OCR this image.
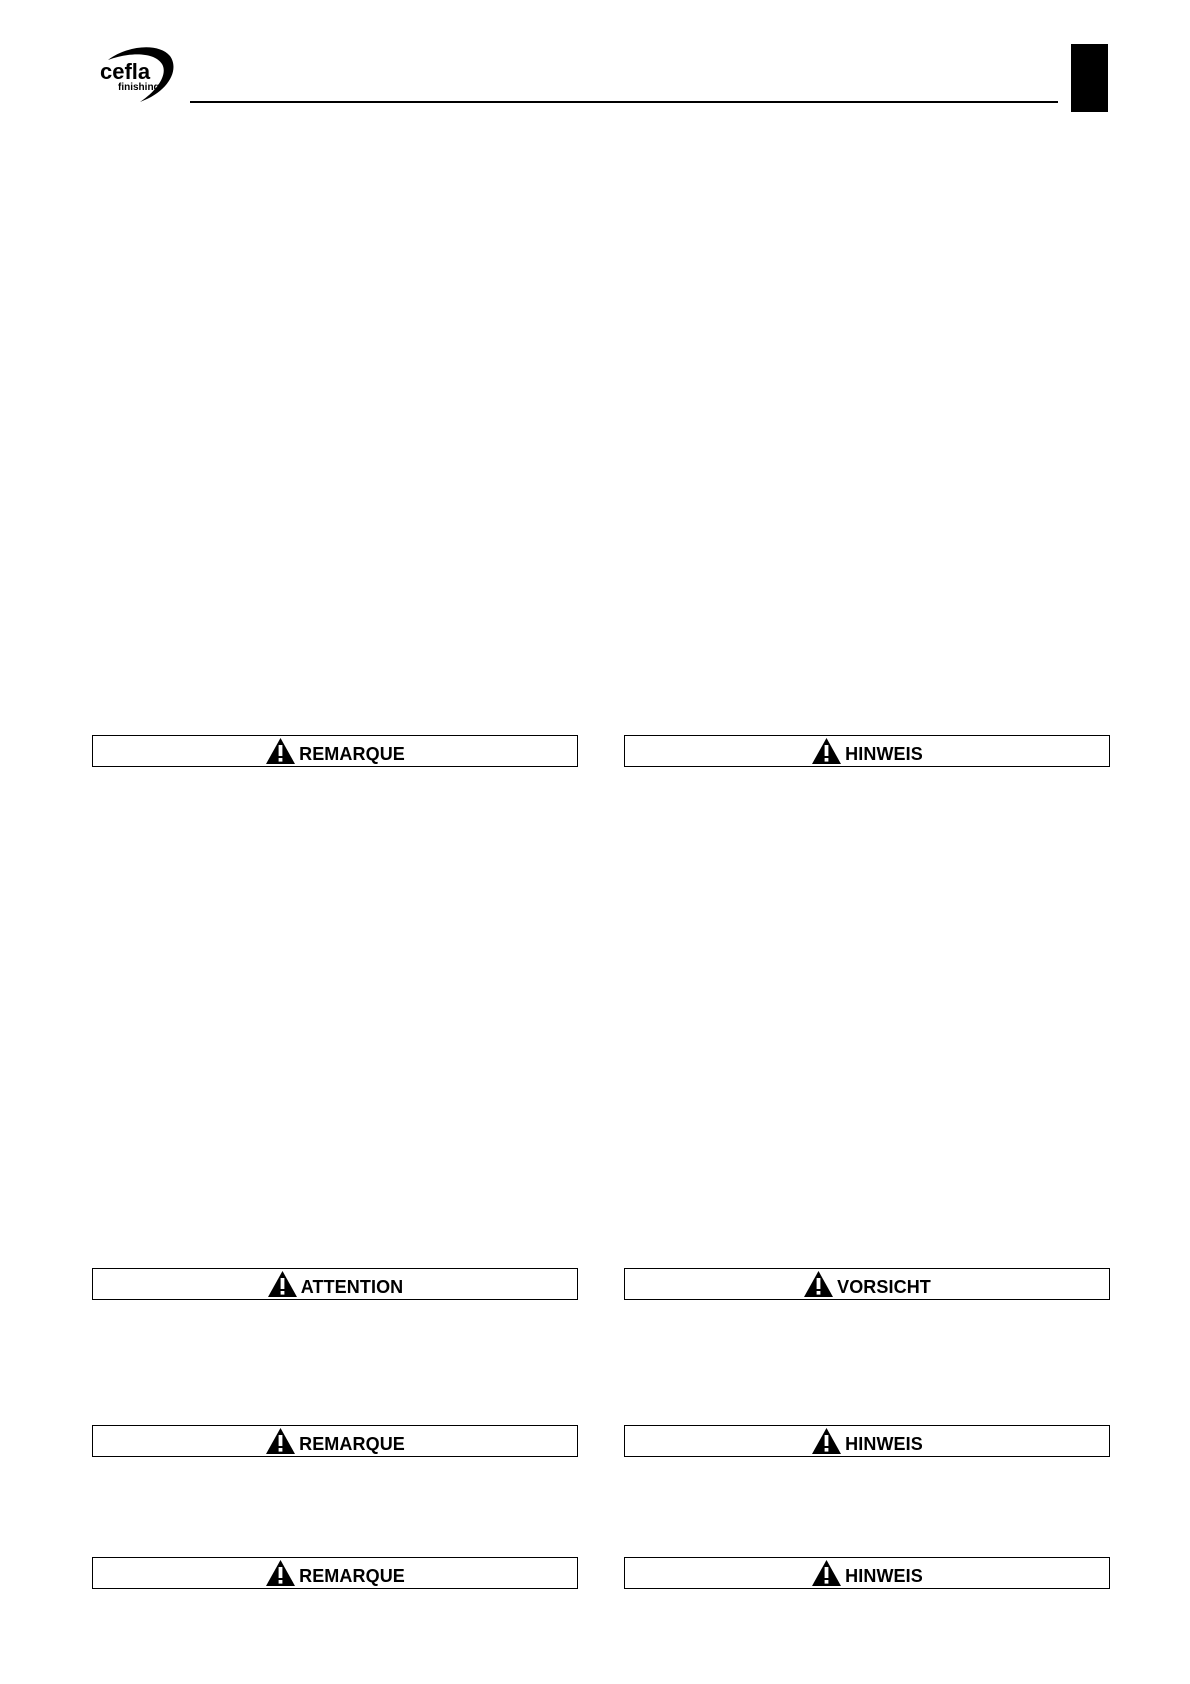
cefla
finishing
REMARQUE	HINWEIS
ATTENTION	VORSICHT
REMARQUE	HINWEIS
REMARQUE	HINWEIS
